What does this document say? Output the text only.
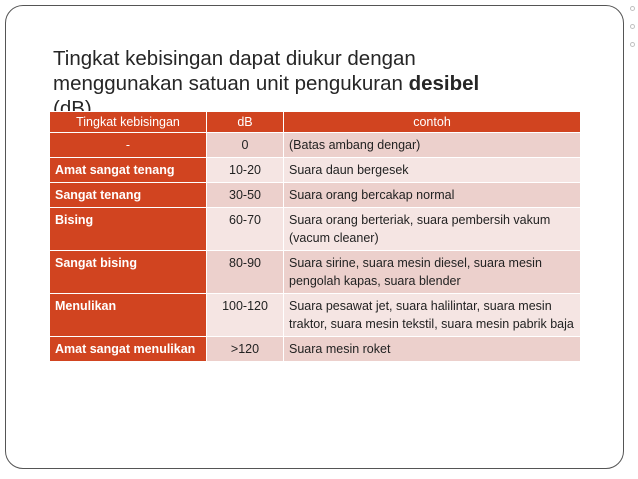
Tingkat kebisingan dapat diukur dengan
menggunakan satuan unit pengukuran desibel
Tingkat kebisingan	dB	contoh
-	0	(Batas ambang dengar)
Amat sangat tenang	10-20	Suara daun bergesek
Sangat tenang	30-50	Suara orang bercakap normal
Bising	60-70	Suara orang berteriak, suara pembersih vakum (vacum cleaner)
Sangat bising	80-90	Suara sirine, suara mesin diesel, suara mesin pengolah kapas, suara blender
Menulikan	100-120	Suara pesawat jet, suara halilintar, suara mesin traktor, suara mesin tekstil, suara mesin pabrik baja
Amat sangat menulikan	>120	Suara mesin roket
